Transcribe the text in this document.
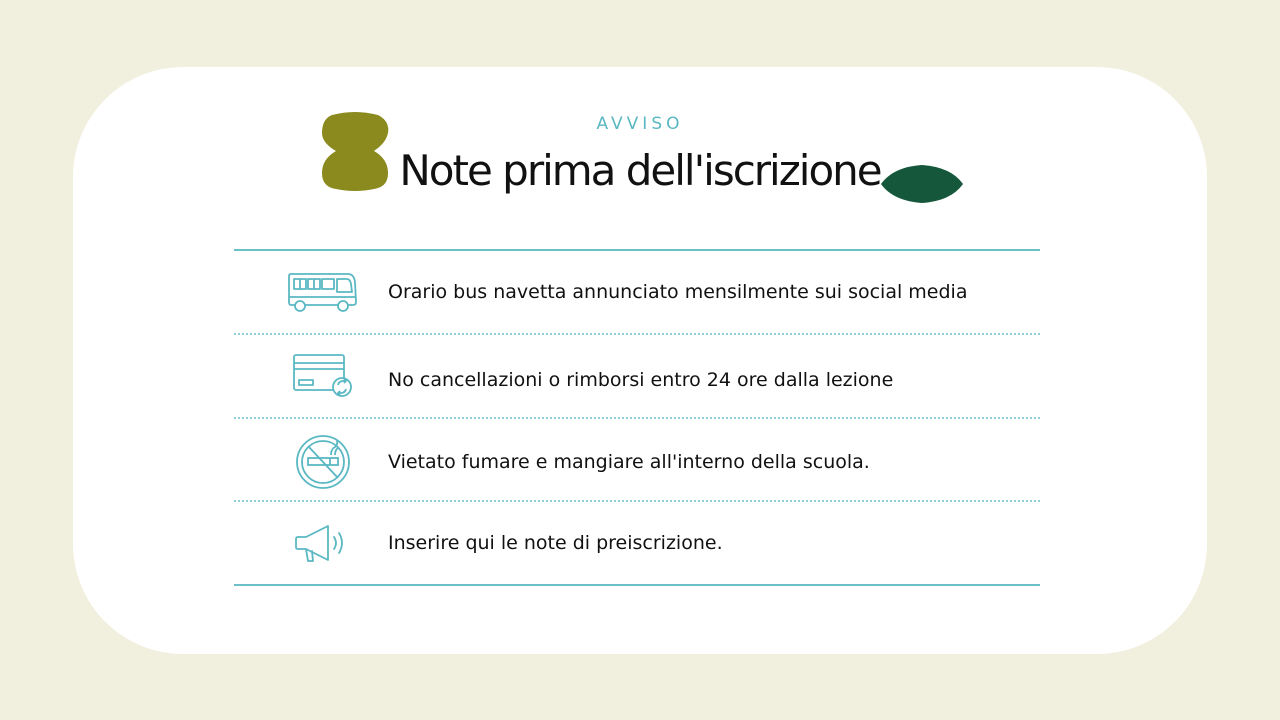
AVVISO
Note prima dell'iscrizione
Orario bus navetta annunciato mensilmente sui social media
No cancellazioni o rimborsi entro 24 ore dalla lezione
Vietato fumare e mangiare all'interno della scuola.
Inserire qui le note di preiscrizione.
